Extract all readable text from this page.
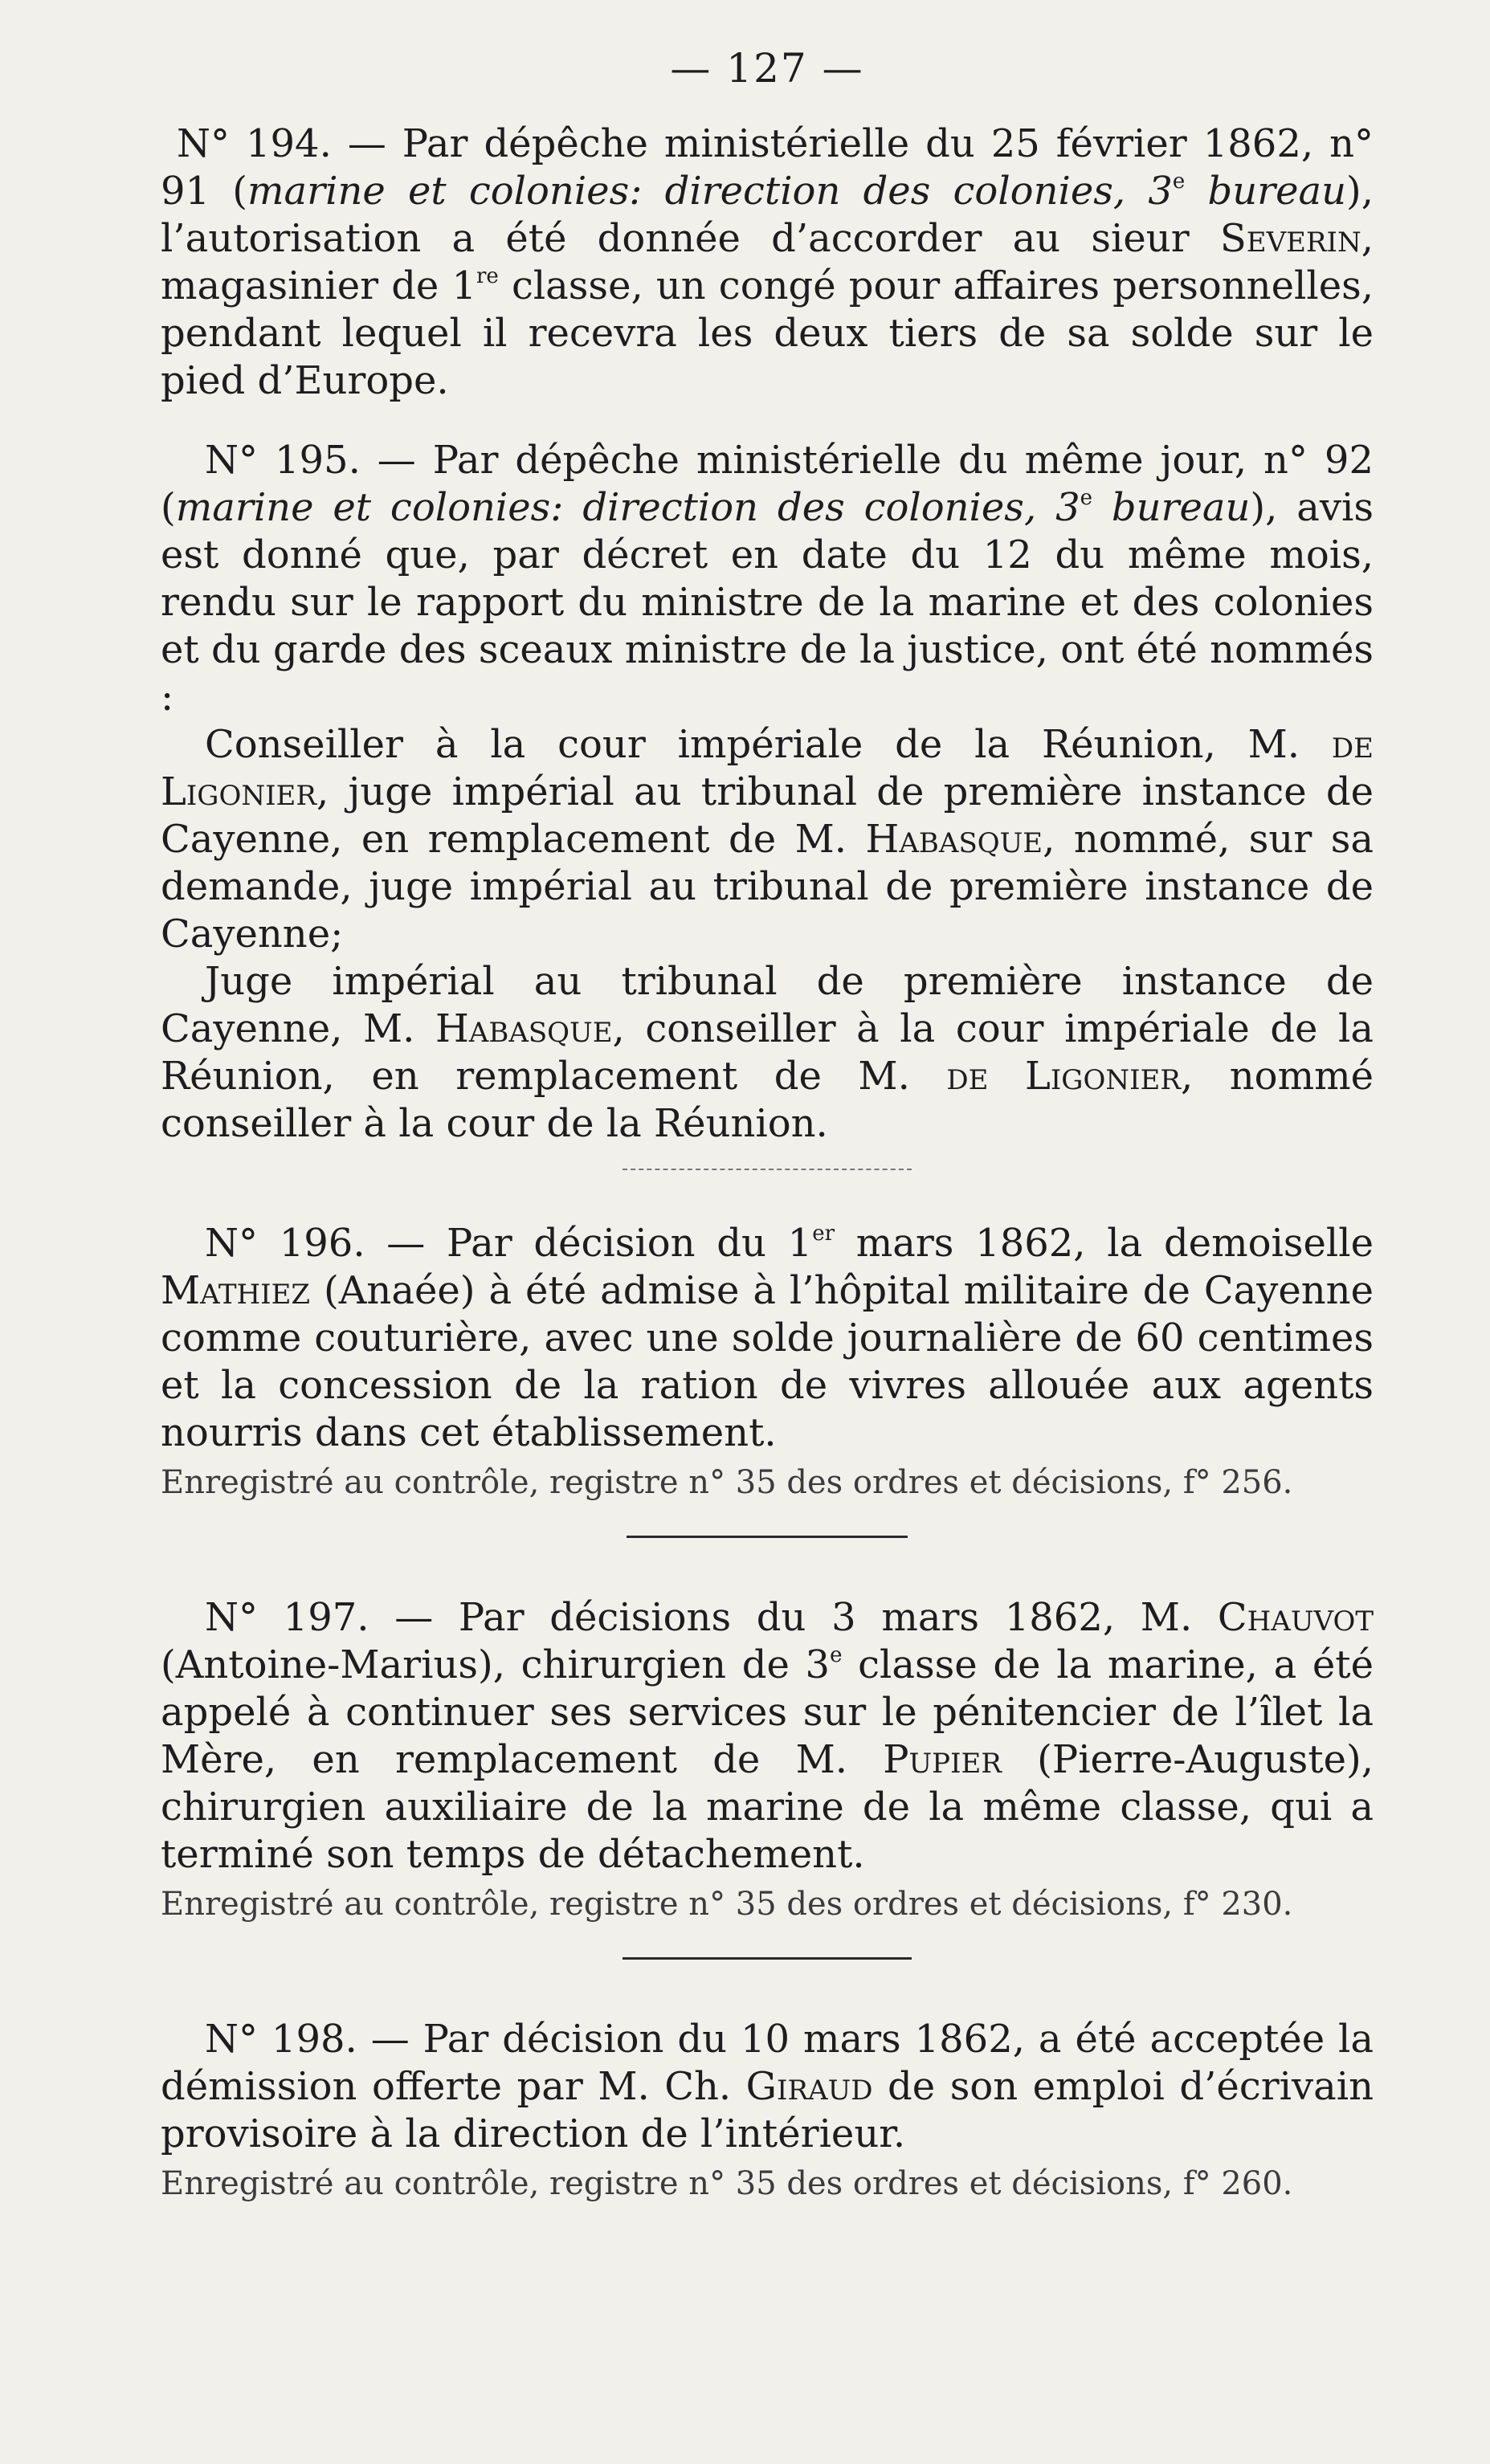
— 127 —

N° 194. — Par dépêche ministérielle du 25 février 1862, n° 91 (marine et colonies: direction des colonies, 3e bureau), l’autorisation a été donnée d’accorder au sieur Severin, magasinier de 1re classe, un congé pour affaires personnelles, pendant lequel il recevra les deux tiers de sa solde sur le pied d’Europe.

N° 195. — Par dépêche ministérielle du même jour, n° 92 (marine et colonies: direction des colonies, 3e bureau), avis est donné que, par décret en date du 12 du même mois, rendu sur le rapport du ministre de la marine et des colonies et du garde des sceaux ministre de la justice, ont été nommés :

Conseiller à la cour impériale de la Réunion, M. de Ligonier, juge impérial au tribunal de première instance de Cayenne, en remplacement de M. Habasque, nommé, sur sa demande, juge impérial au tribunal de première instance de Cayenne;

Juge impérial au tribunal de première instance de Cayenne, M. Habasque, conseiller à la cour impériale de la Réunion, en remplacement de M. de Ligonier, nommé conseiller à la cour de la Réunion.

N° 196. — Par décision du 1er mars 1862, la demoiselle Mathiez (Anaée) à été admise à l’hôpital militaire de Cayenne comme couturière, avec une solde journalière de 60 centimes et la concession de la ration de vivres allouée aux agents nourris dans cet établissement.

Enregistré au contrôle, registre n° 35 des ordres et décisions, f° 256.

N° 197. — Par décisions du 3 mars 1862, M. Chauvot (Antoine-Marius), chirurgien de 3e classe de la marine, a été appelé à continuer ses services sur le pénitencier de l’îlet la Mère, en remplacement de M. Pupier (Pierre-Auguste), chirurgien auxiliaire de la marine de la même classe, qui a terminé son temps de détachement.

Enregistré au contrôle, registre n° 35 des ordres et décisions, f° 230.

N° 198. — Par décision du 10 mars 1862, a été acceptée la démission offerte par M. Ch. Giraud de son emploi d’écrivain provisoire à la direction de l’intérieur.

Enregistré au contrôle, registre n° 35 des ordres et décisions, f° 260.
